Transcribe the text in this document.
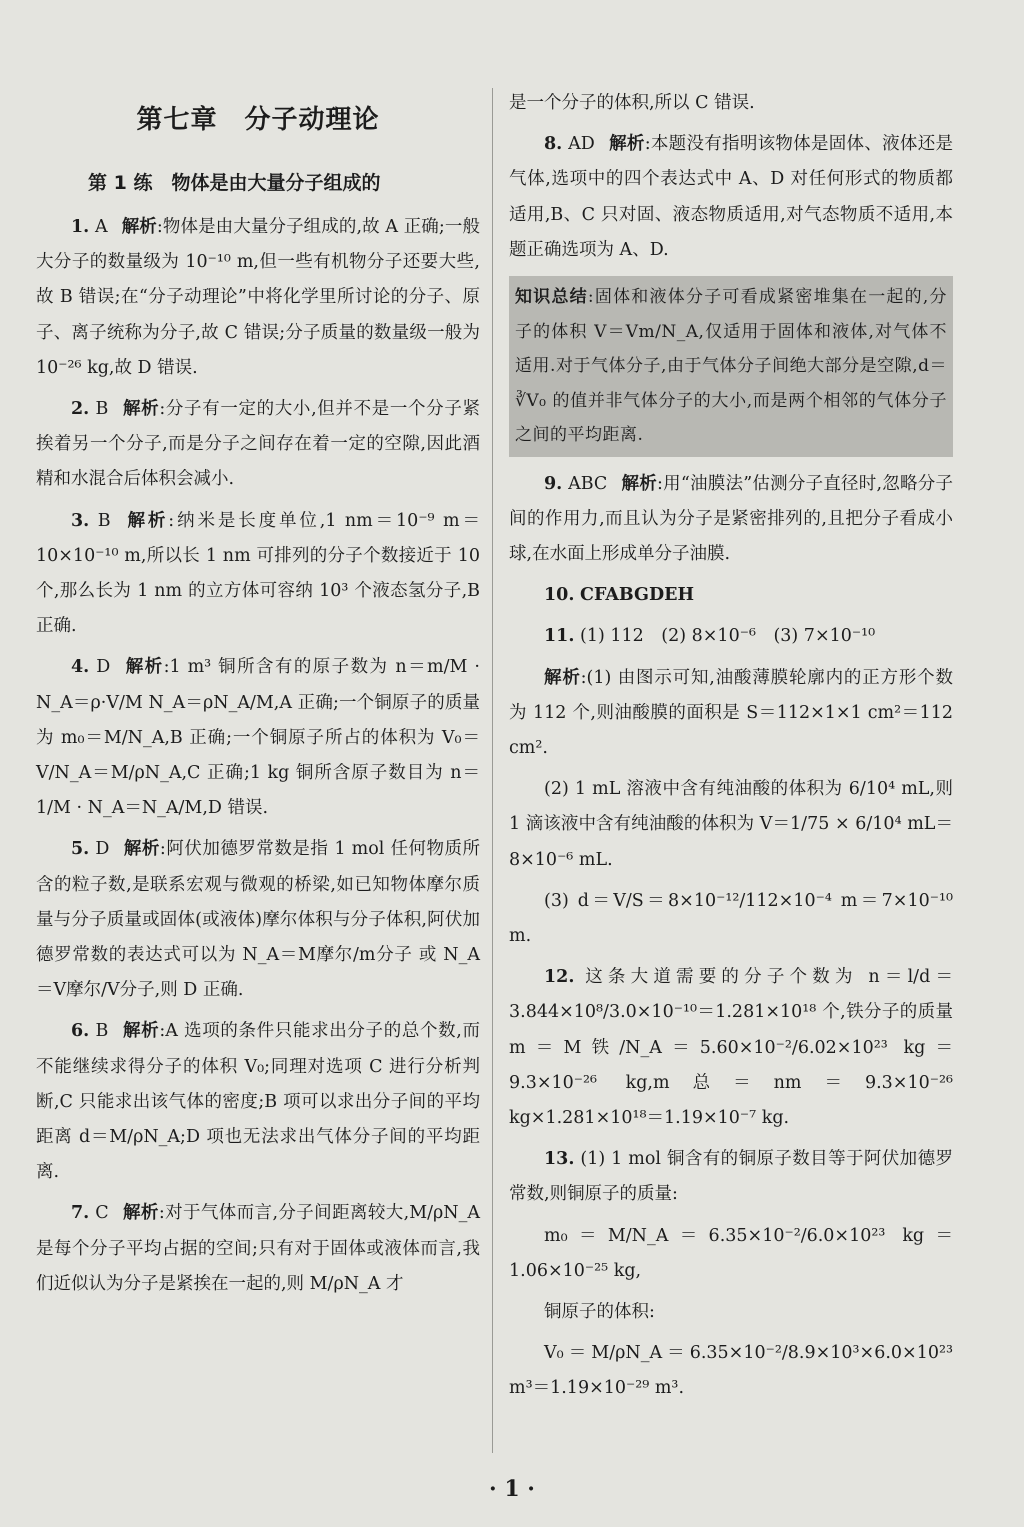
第七章　分子动理论
第 1 练　物体是由大量分子组成的

1. A 解析:物体是由大量分子组成的,故 A 正确;一般大分子的数量级为 10⁻¹⁰ m,但一些有机物分子还要大些,故 B 错误;在“分子动理论”中将化学里所讨论的分子、原子、离子统称为分子,故 C 错误;分子质量的数量级一般为 10⁻²⁶ kg,故 D 错误.

2. B 解析:分子有一定的大小,但并不是一个分子紧挨着另一个分子,而是分子之间存在着一定的空隙,因此酒精和水混合后体积会减小.

3. B 解析:纳米是长度单位,1 nm＝10⁻⁹ m＝10×10⁻¹⁰ m,所以长 1 nm 可排列的分子个数接近于 10 个,那么长为 1 nm 的立方体可容纳 10³ 个液态氢分子,B 正确.

4. D 解析:1 m³ 铜所含有的原子数为 n＝m/M · N_A＝ρ·V/M N_A＝ρN_A/M,A 正确;一个铜原子的质量为 m₀＝M/N_A,B 正确;一个铜原子所占的体积为 V₀＝V/N_A＝M/ρN_A,C 正确;1 kg 铜所含原子数目为 n＝1/M · N_A＝N_A/M,D 错误.

5. D 解析:阿伏加德罗常数是指 1 mol 任何物质所含的粒子数,是联系宏观与微观的桥梁,如已知物体摩尔质量与分子质量或固体(或液体)摩尔体积与分子体积,阿伏加德罗常数的表达式可以为 N_A＝M摩尔/m分子 或 N_A＝V摩尔/V分子,则 D 正确.

6. B 解析:A 选项的条件只能求出分子的总个数,而不能继续求得分子的体积 V₀;同理对选项 C 进行分析判断,C 只能求出该气体的密度;B 项可以求出分子间的平均距离 d＝M/ρN_A;D 项也无法求出气体分子间的平均距离.

7. C 解析:对于气体而言,分子间距离较大,M/ρN_A 是每个分子平均占据的空间;只有对于固体或液体而言,我们近似认为分子是紧挨在一起的,则 M/ρN_A 才

是一个分子的体积,所以 C 错误.

8. AD 解析:本题没有指明该物体是固体、液体还是气体,选项中的四个表达式中 A、D 对任何形式的物质都适用,B、C 只对固、液态物质适用,对气态物质不适用,本题正确选项为 A、D.

知识总结:固体和液体分子可看成紧密堆集在一起的,分子的体积 V＝Vm/N_A,仅适用于固体和液体,对气体不适用.对于气体分子,由于气体分子间绝大部分是空隙,d＝∛V₀ 的值并非气体分子的大小,而是两个相邻的气体分子之间的平均距离.

9. ABC 解析:用“油膜法”估测分子直径时,忽略分子间的作用力,而且认为分子是紧密排列的,且把分子看成小球,在水面上形成单分子油膜.

10. CFABGDEH

11. (1) 112　(2) 8×10⁻⁶　(3) 7×10⁻¹⁰

解析:(1) 由图示可知,油酸薄膜轮廓内的正方形个数为 112 个,则油酸膜的面积是 S＝112×1×1 cm²＝112 cm².

(2) 1 mL 溶液中含有纯油酸的体积为 6/10⁴ mL,则 1 滴该液中含有纯油酸的体积为 V＝1/75 × 6/10⁴ mL＝8×10⁻⁶ mL.

(3) d＝V/S＝8×10⁻¹²/112×10⁻⁴ m＝7×10⁻¹⁰ m.

12. 这条大道需要的分子个数为 n＝l/d＝3.844×10⁸/3.0×10⁻¹⁰＝1.281×10¹⁸ 个,铁分子的质量 m＝M铁/N_A＝5.60×10⁻²/6.02×10²³ kg＝9.3×10⁻²⁶ kg,m总＝nm＝9.3×10⁻²⁶ kg×1.281×10¹⁸＝1.19×10⁻⁷ kg.

13. (1) 1 mol 铜含有的铜原子数目等于阿伏加德罗常数,则铜原子的质量:

m₀＝M/N_A＝6.35×10⁻²/6.0×10²³ kg＝1.06×10⁻²⁵ kg,

铜原子的体积:

V₀＝M/ρN_A＝6.35×10⁻²/8.9×10³×6.0×10²³ m³＝1.19×10⁻²⁹ m³.

· 1 ·
